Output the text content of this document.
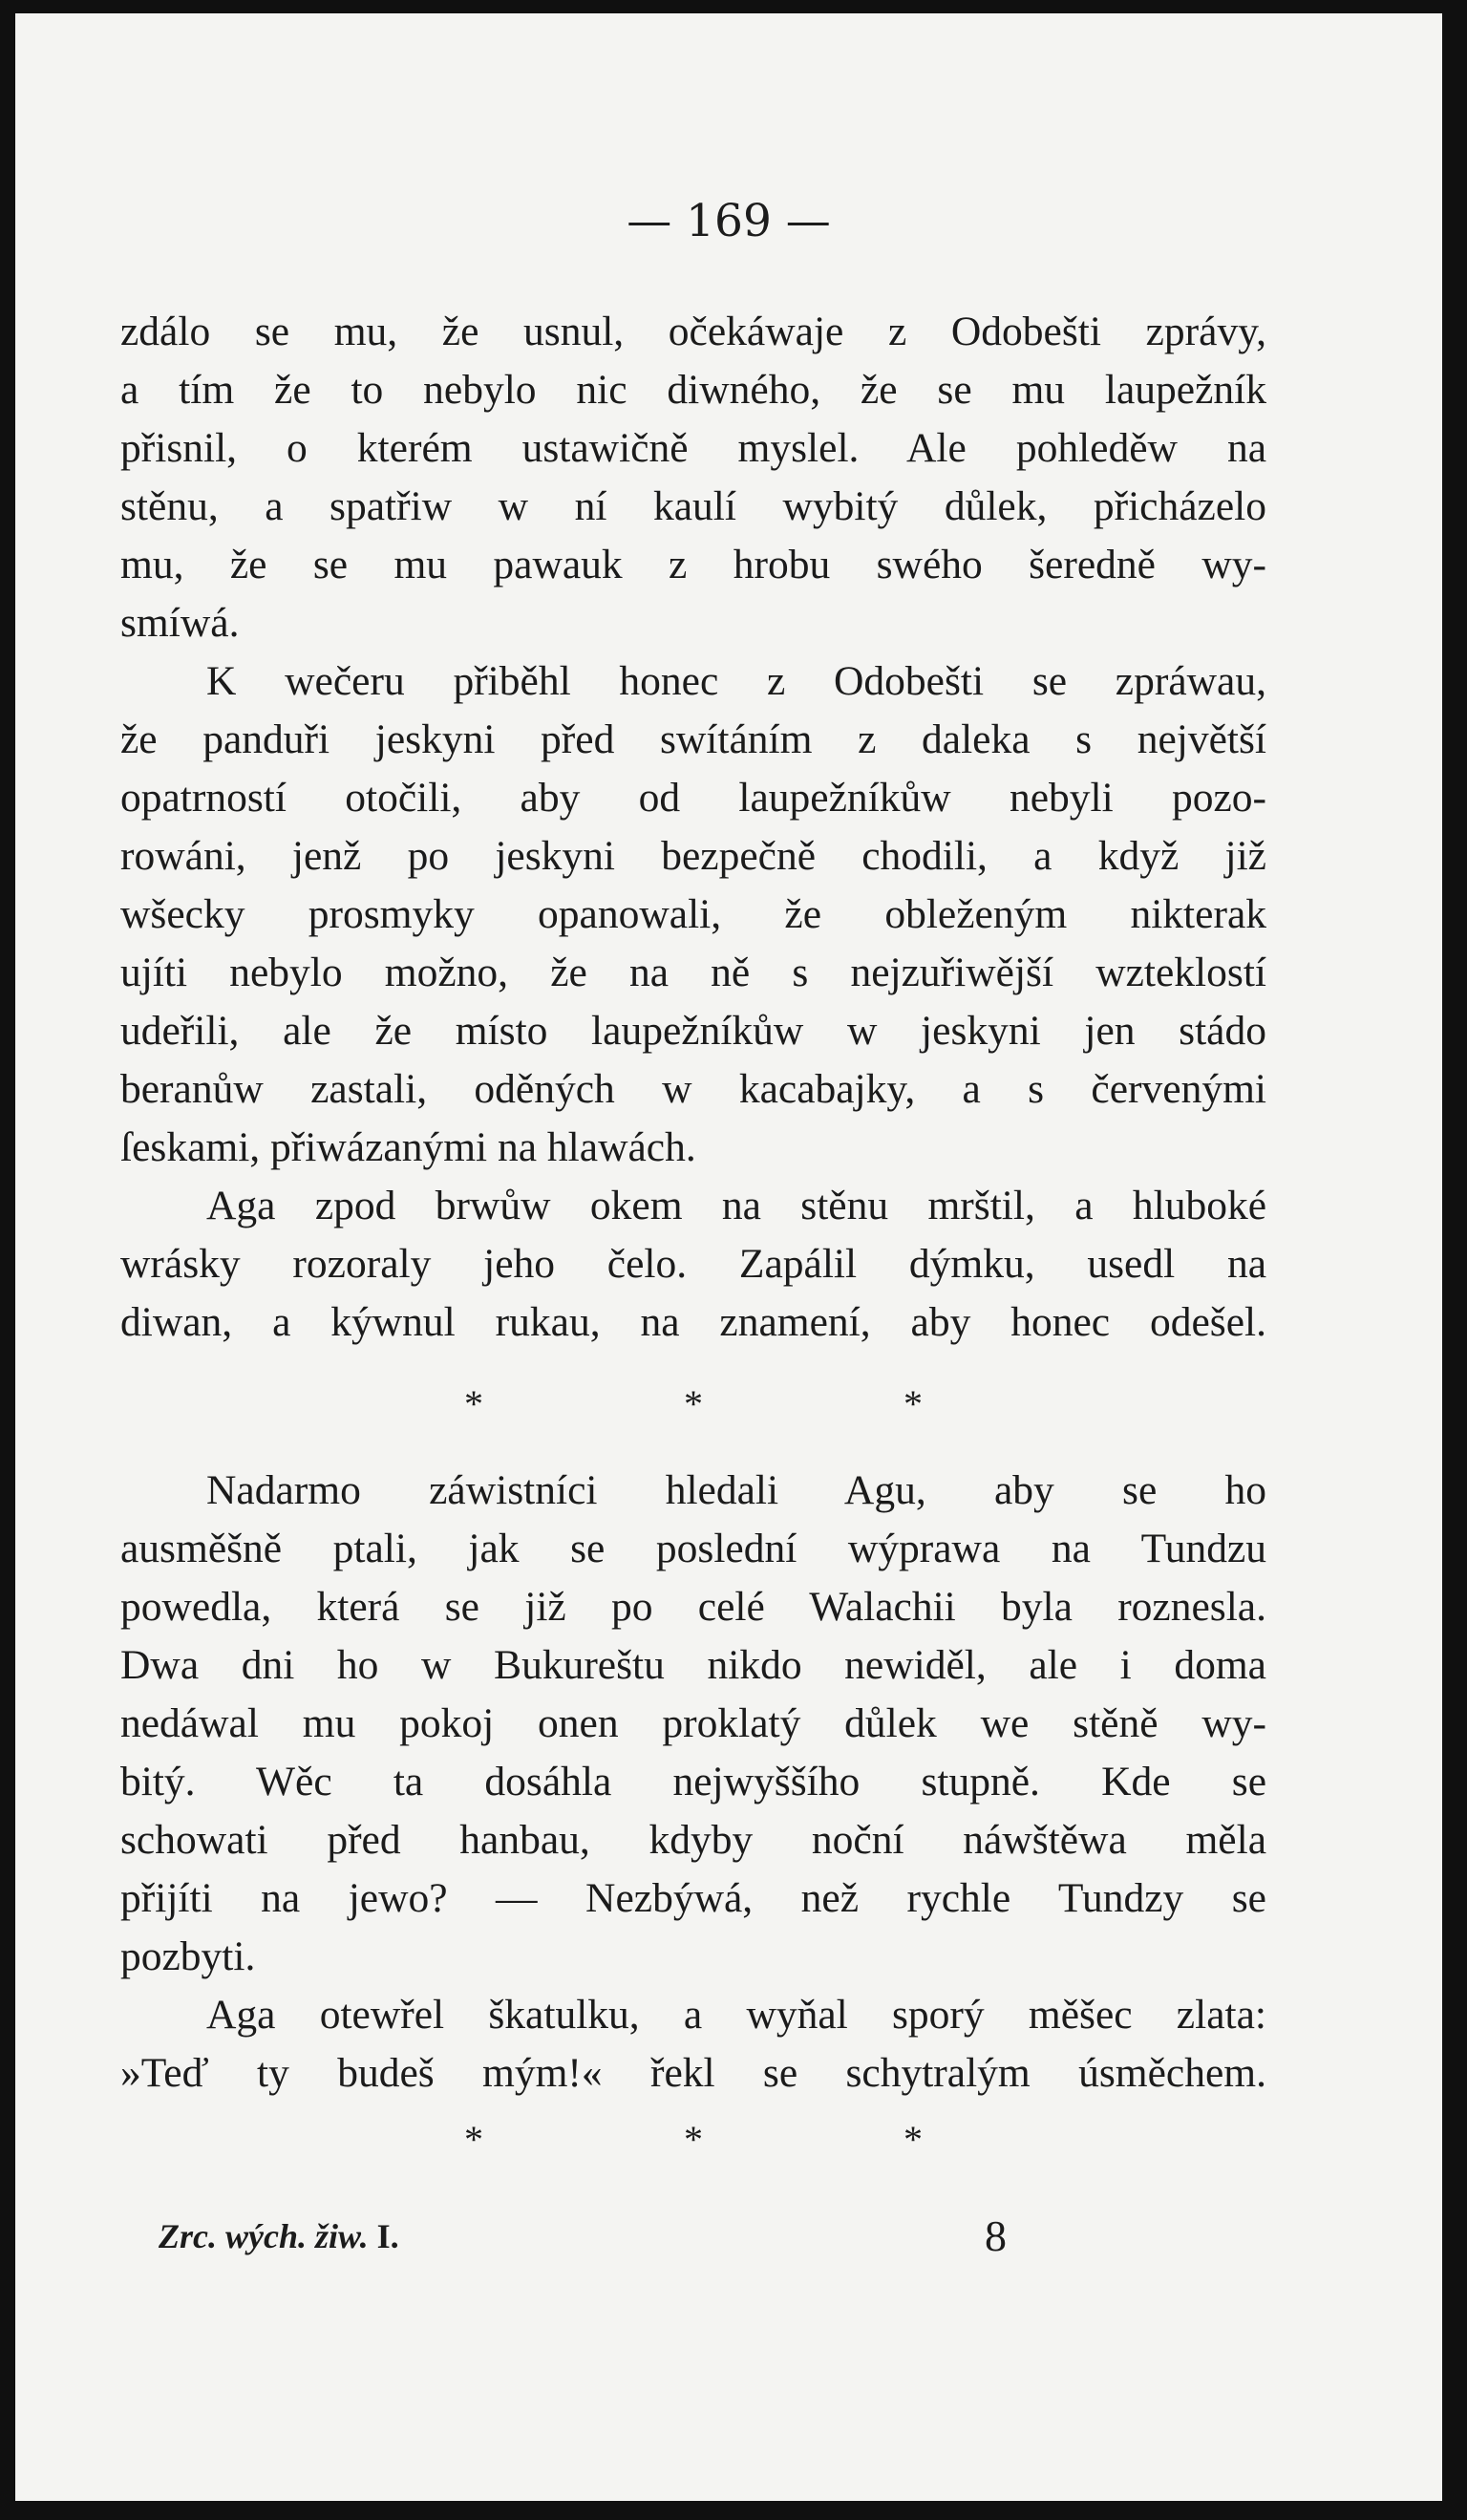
— 169 —
zdálo se mu, že usnul, očekáwaje z Odobešti zprávy,
a tím že to nebylo nic diwného, že se mu laupežník
přisnil, o kterém ustawičně myslel. Ale pohleděw na
stěnu, a spatřiw w ní kaulí wybitý důlek, přicházelo
mu, že se mu pawauk z hrobu swého šeredně wy-
smíwá.
K wečeru přiběhl honec z Odobešti se zpráwau,
že panduři jeskyni před swítáním z daleka s největší
opatrností otočili, aby od laupežníkůw nebyli pozo-
rowáni, jenž po jeskyni bezpečně chodili, a když již
wšecky prosmyky opanowali, že obleženým nikterak
ujíti nebylo možno, že na ně s nejzuřiwější wzteklostí
udeřili, ale že místo laupežníkůw w jeskyni jen stádo
beranůw zastali, oděných w kacabajky, a s červenými
ſeskami, přiwázanými na hlawách.
Aga zpod brwůw okem na stěnu mrštil, a hluboké
wrásky rozoraly jeho čelo. Zapálil dýmku, usedl na
diwan, a kýwnul rukau, na znamení, aby honec odešel.
* * *
Nadarmo záwistníci hledali Agu, aby se ho
ausměšně ptali, jak se poslední wýprawa na Tundzu
powedla, která se již po celé Walachii byla roznesla.
Dwa dni ho w Bukureštu nikdo newiděl, ale i doma
nedáwal mu pokoj onen proklatý důlek we stěně wy-
bitý. Wěc ta dosáhla nejwyššího stupně. Kde se
schowati před hanbau, kdyby noční náwštěwa měla
přijíti na jewo? — Nezbýwá, než rychle Tundzy se
pozbyti.
Aga otewřel škatulku, a wyňal sporý měšec zlata:
»Teď ty budeš mým!« řekl se schytralým úsměchem.
* * *
Zrc. wých. žiw. I.	8
